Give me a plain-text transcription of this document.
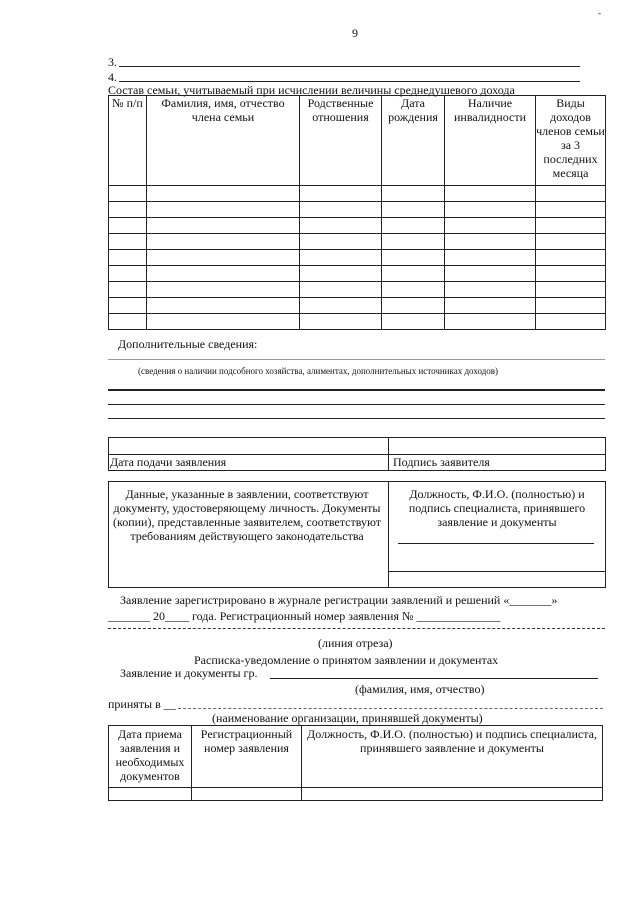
9
-
3.
4.
Состав семьи, учитываемый при исчислении величины среднедушевого дохода
№ п/п	Фамилия, имя, отчество члена семьи	Родственные отношения	Дата рождения	Наличие инвалидности	Виды доходов членов семьи за 3 последних месяца

Дополнительные сведения:
(сведения о наличии подсобного хозяйства, алиментах, дополнительных источниках доходов)
Дата подачи заявления	Подпись заявителя
Данные, указанные в заявлении, соответствуют документу, удостоверяющему личность. Документы (копии), представленные заявителем, соответствуют требованиям действующего законодательства
Должность, Ф.И.О. (полностью) и подпись специалиста, принявшего заявление и документы
Заявление зарегистрировано в журнале регистрации заявлений и решений «_______»
_______ 20____ года. Регистрационный номер заявления № ______________
(линия отреза)
Расписка-уведомление о принятом заявлении и документах
Заявление и документы гр.
(фамилия, имя, отчество)
приняты в __
(наименование организации, принявшей документы)
Дата приема заявления и необходимых документов	Регистрационный номер заявления	Должность, Ф.И.О. (полностью) и подпись специалиста, принявшего заявление и документы
